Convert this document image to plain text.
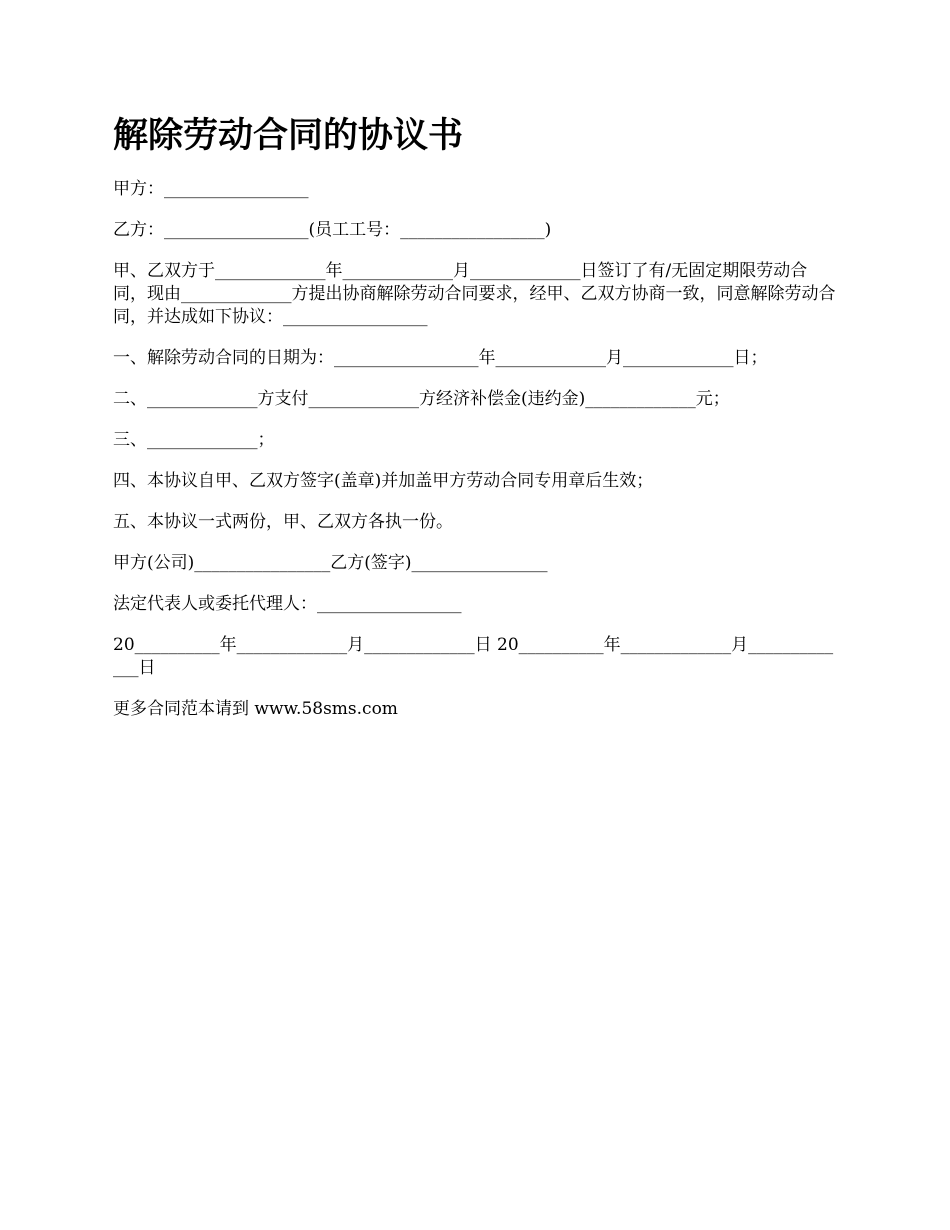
解除劳动合同的协议书

甲方：_________________

乙方：_________________(员工工号：_________________)

甲、乙双方于_____________年_____________月_____________日签订了有/无固定期限劳动合同，现由_____________方提出协商解除劳动合同要求，经甲、乙双方协商一致，同意解除劳动合同，并达成如下协议：_________________

一、解除劳动合同的日期为：_________________年_____________月_____________日；

二、_____________方支付_____________方经济补偿金(违约金)_____________元；

三、_____________；

四、本协议自甲、乙双方签字(盖章)并加盖甲方劳动合同专用章后生效；

五、本协议一式两份，甲、乙双方各执一份。

甲方(公司)________________乙方(签字)________________

法定代表人或委托代理人：_________________

20__________年_____________月_____________日 20__________年_____________月_____________日

更多合同范本请到 www.58sms.com
